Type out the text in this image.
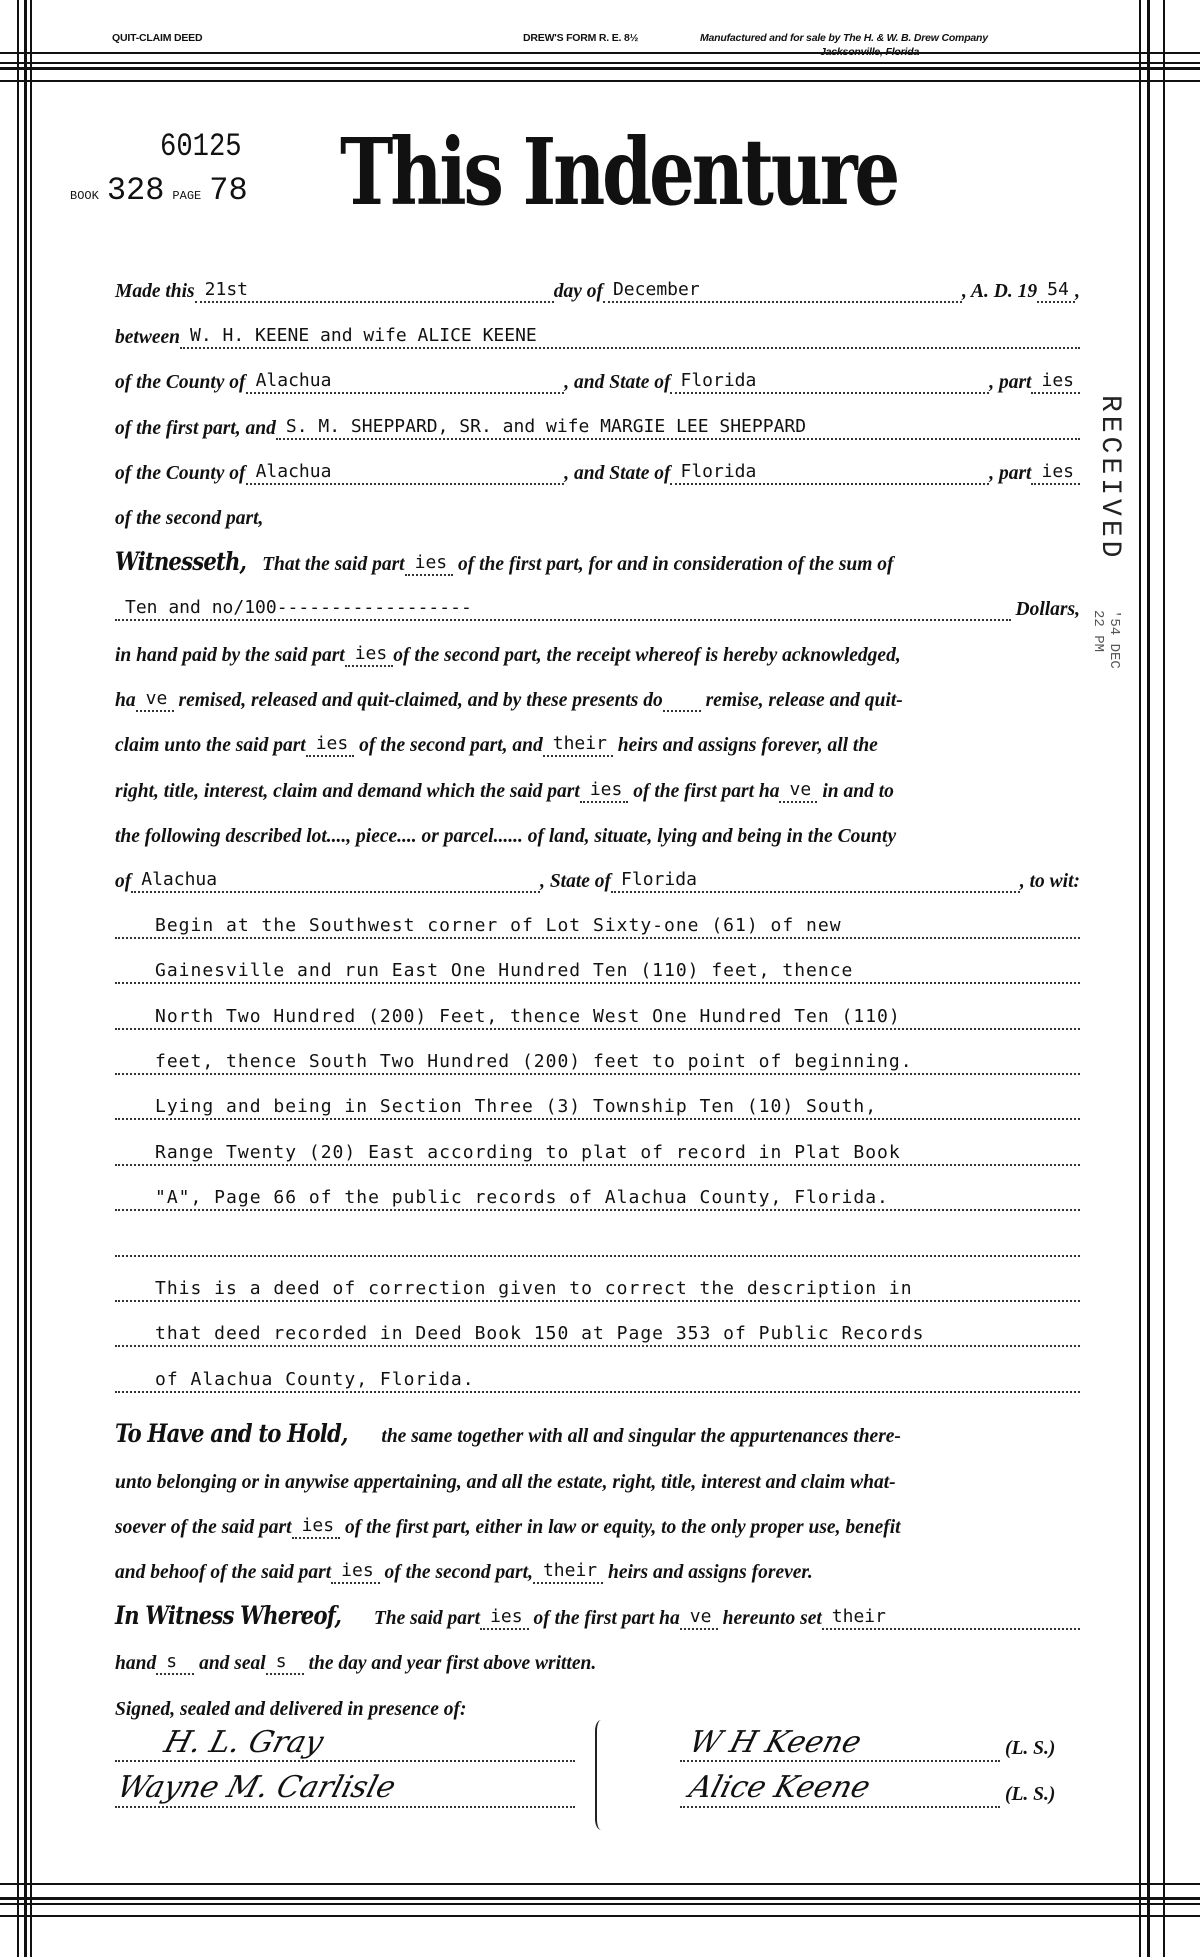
QUIT-CLAIM DEED	DREW'S FORM R. E. 8½	Manufactured and for sale by The H. & W. B. Drew Company
Jacksonville, Florida
60125
BOOK 328 PAGE 78 This Indenture
RECEIVED
'54 DEC 22 PM
Made this 21st	day of December	, A. D. 19 54 ,
between W. H. KEENE and wife ALICE KEENE
of the County of Alachua	, and State of Florida	, part ies
of the first part, and S. M. SHEPPARD, SR. and wife MARGIE LEE SHEPPARD
of the County of Alachua	, and State of Florida	, part ies
of the second part,
Witnesseth, That the said part ies of the first part, for and in consideration of the sum of
Ten and no/100------------------	Dollars,
in hand paid by the said part ies of the second part, the receipt whereof is hereby acknowledged,
ha ve remised, released and quit-claimed, and by these presents do remise, release and quit-
claim unto the said part ies of the second part, and their heirs and assigns forever, all the
right, title, interest, claim and demand which the said part ies of the first part ha ve in and to
the following described lot...., piece.... or parcel...... of land, situate, lying and being in the County
of Alachua	, State of Florida	, to wit:
Begin at the Southwest corner of Lot Sixty-one (61) of new
Gainesville and run East One Hundred Ten (110) feet, thence
North Two Hundred (200) Feet, thence West One Hundred Ten (110)
feet, thence South Two Hundred (200) feet to point of beginning.
Lying and being in Section Three (3) Township Ten (10) South,
Range Twenty (20) East according to plat of record in Plat Book
"A", Page 66 of the public records of Alachua County, Florida.
This is a deed of correction given to correct the description in
that deed recorded in Deed Book 150 at Page 353 of Public Records
of Alachua County, Florida.
To Have and to Hold, the same together with all and singular the appurtenances there-
unto belonging or in anywise appertaining, and all the estate, right, title, interest and claim what-
soever of the said part ies of the first part, either in law or equity, to the only proper use, benefit
and behoof of the said part ies of the second part, their heirs and assigns forever.
In Witness Whereof, The said part ies of the first part ha ve hereunto set their
hand s and seal s the day and year first above written.
Signed, sealed and delivered in presence of:
H. L. Gray
Wayne M. Carlisle
W H Keene
Alice Keene
(L. S.)
(L. S.)
